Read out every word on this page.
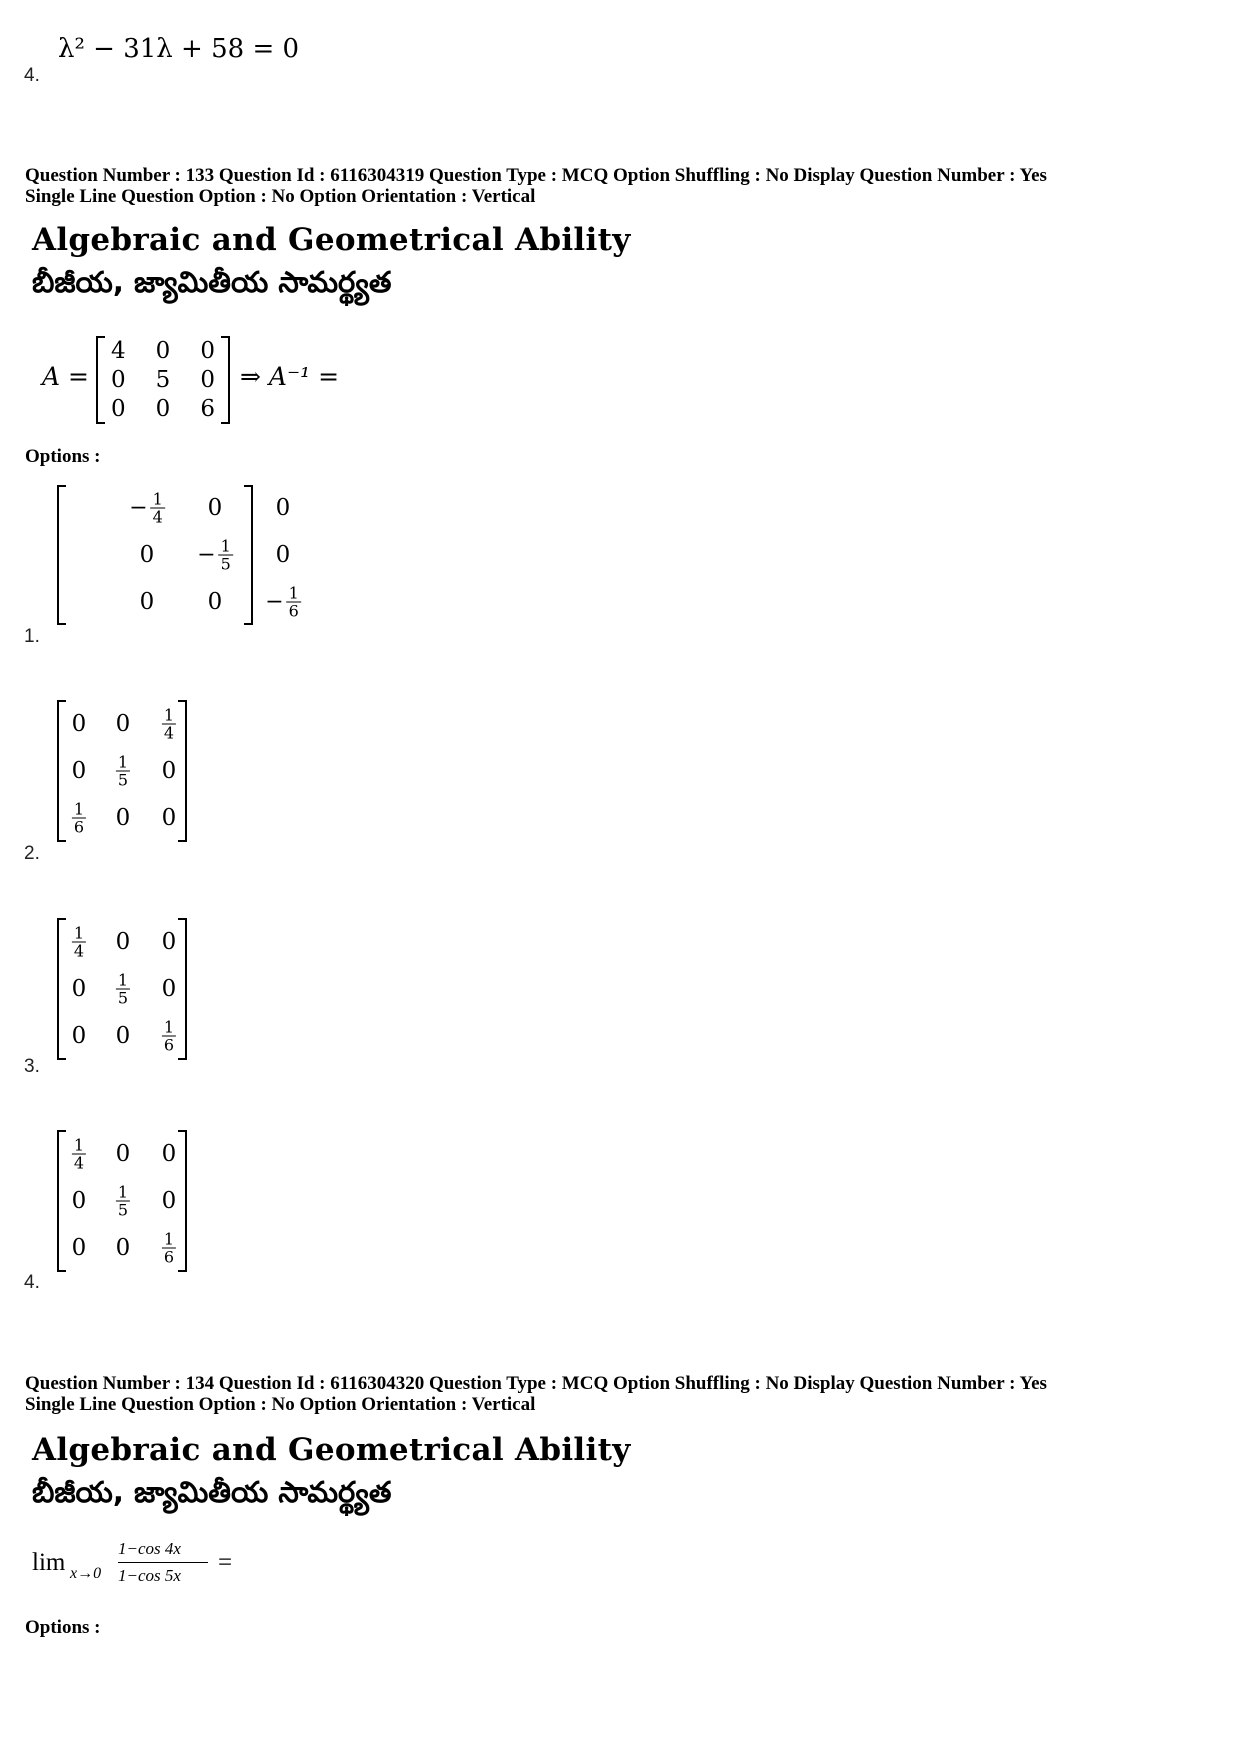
λ² − 31λ + 58 = 0
4.
Question Number : 133 Question Id : 6116304319 Question Type : MCQ Option Shuffling : No Display Question Number : Yes
Single Line Question Option : No Option Orientation : Vertical
Algebraic and Geometrical Ability
బీజీయ, జ్యామితీయ సామర్థ్యత
A =
4 0 0
0 5 0
0 0 6
⇒ A⁻¹ =
Options :
− $\frac{1}{4} 0$ 0
$0 - \frac{1}{5} 0$
0 $0 - \frac{1}{6}$
1.
0 $0 \frac{1}{4}$
$0 \frac{1}{5} 0$
$\frac{1}{6} 0$ 0
2.
$\frac{1}{4} 0$ 0
$0 \frac{1}{5} 0$
0 $0 \frac{1}{6}$
3.
$\frac{1}{4} 0$ 0
$0 \frac{1}{5} 0$
0 $0 \frac{1}{6}$
4.
Question Number : 134 Question Id : 6116304320 Question Type : MCQ Option Shuffling : No Display Question Number : Yes
Single Line Question Option : No Option Orientation : Vertical
Algebraic and Geometrical Ability
బీజీయ, జ్యామితీయ సామర్థ్యత
lim x→0
1−cos 4x
1−cos 5x =
Options :
